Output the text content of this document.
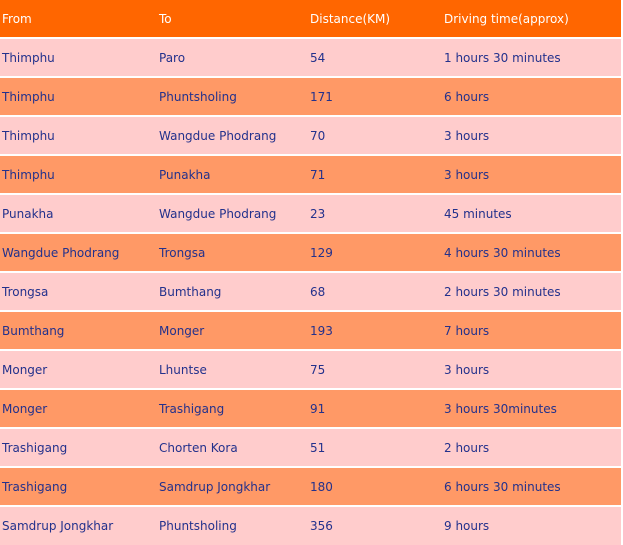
From	To	Distance(KM)	Driving time(approx)
Thimphu	Paro	54	1 hours 30 minutes
Thimphu	Phuntsholing	171	6 hours
Thimphu	Wangdue Phodrang	70	3 hours
Thimphu	Punakha	71	3 hours
Punakha	Wangdue Phodrang	23	45 minutes
Wangdue Phodrang	Trongsa	129	4 hours 30 minutes
Trongsa	Bumthang	68	2 hours 30 minutes
Bumthang	Monger	193	7 hours
Monger	Lhuntse	75	3 hours
Monger	Trashigang	91	3 hours 30minutes
Trashigang	Chorten Kora	51	2 hours
Trashigang	Samdrup Jongkhar	180	6 hours 30 minutes
Samdrup Jongkhar	Phuntsholing	356	9 hours
